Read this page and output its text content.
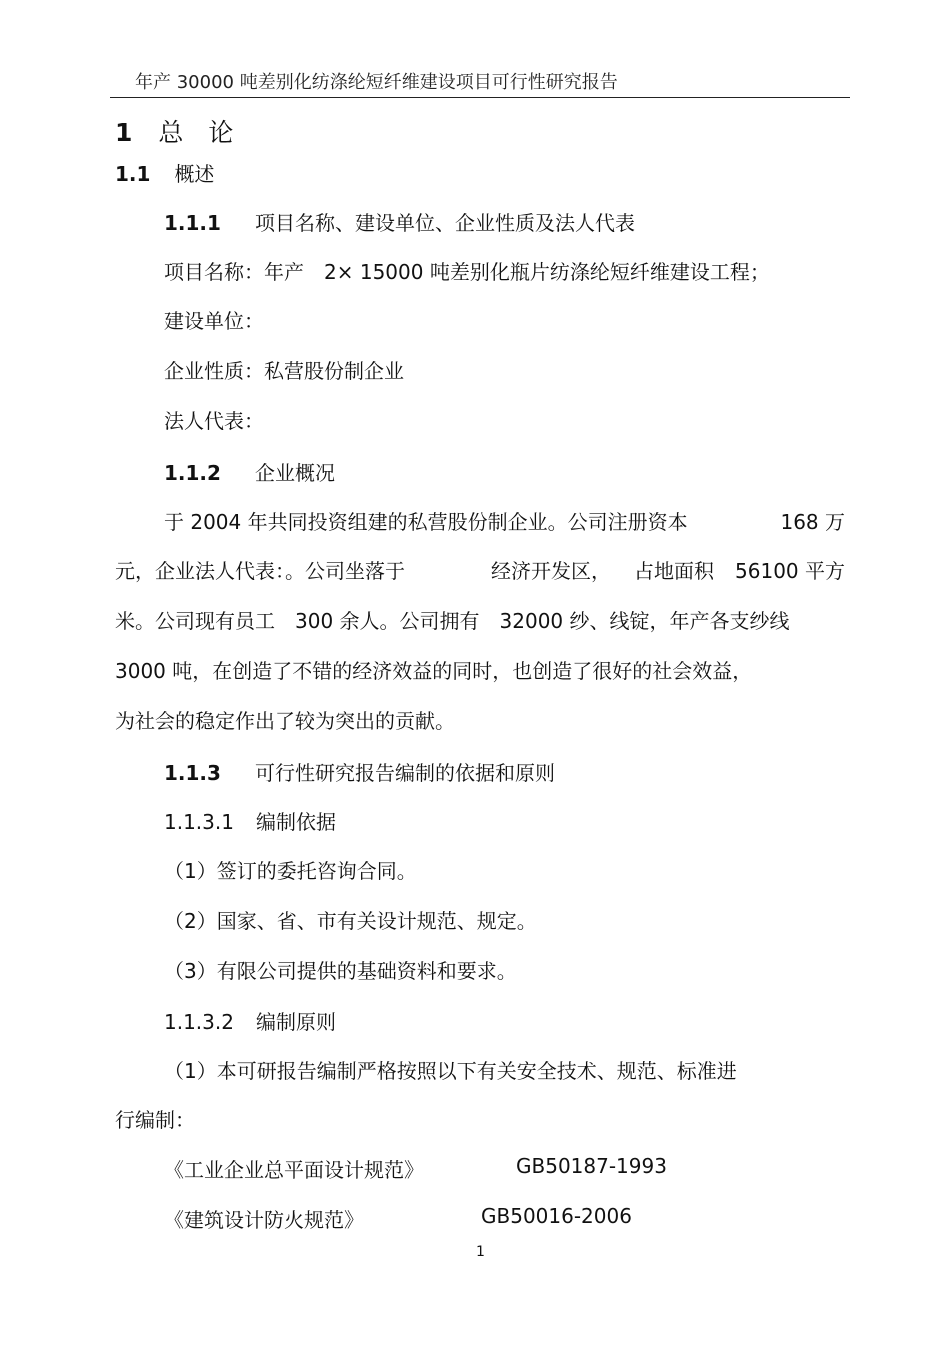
年产 30000 吨差别化纺涤纶短纤维建设项目可行性研究报告
1 总　论
1.1 概述
1.1.1 项目名称、建设单位、企业性质及法人代表
项目名称：年产　2× 15000 吨差别化瓶片纺涤纶短纤维建设工程；
建设单位：
企业性质：私营股份制企业
法人代表：
1.1.2 企业概况
于 2004 年共同投资组建的私营股份制企业。公司注册资本	168 万
元，企业法人代表：。公司坐落于	经济开发区， 占地面积 56100 平方
米。公司现有员工　300 余人。公司拥有　32000 纱、线锭，年产各支纱线
3000 吨，在创造了不错的经济效益的同时，也创造了很好的社会效益，
为社会的稳定作出了较为突出的贡献。
1.1.3 可行性研究报告编制的依据和原则
1.1.3.1 编制依据
（1）签订的委托咨询合同。
（2）国家、省、市有关设计规范、规定。
（3）有限公司提供的基础资料和要求。
1.1.3.2 编制原则
（1）本可研报告编制严格按照以下有关安全技术、规范、标准进
行编制：
《工业企业总平面设计规范》	GB50187-1993
《建筑设计防火规范》	GB50016-2006
1
